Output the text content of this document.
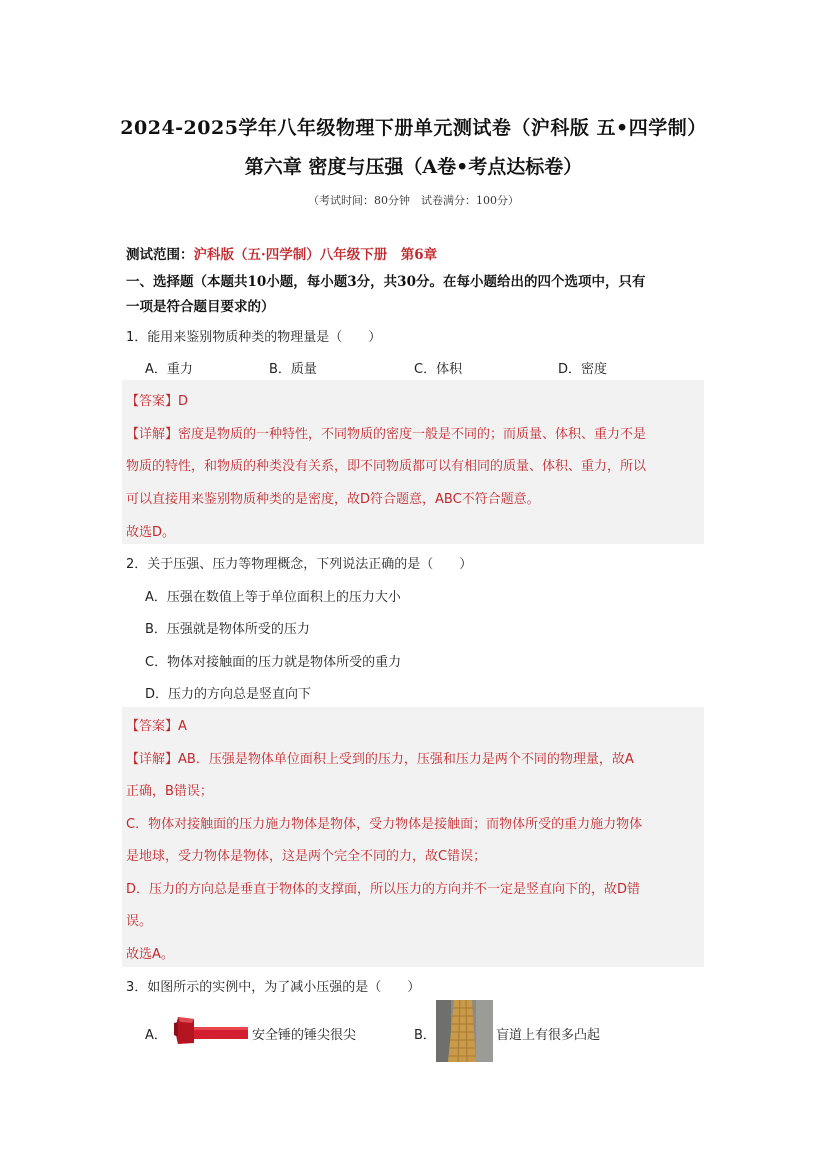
2024-2025学年八年级物理下册单元测试卷（沪科版 五•四学制）
第六章 密度与压强（A卷•考点达标卷）
（考试时间：80分钟　试卷满分：100分）
测试范围：沪科版（五·四学制）八年级下册　第6章
一、选择题（本题共10小题，每小题3分，共30分。在每小题给出的四个选项中，只有
一项是符合题目要求的）
1．能用来鉴别物质种类的物理量是（　　）
A．重力	B．质量	C．体积	D．密度
【答案】D
【详解】密度是物质的一种特性，不同物质的密度一般是不同的；而质量、体积、重力不是
物质的特性，和物质的种类没有关系，即不同物质都可以有相同的质量、体积、重力，所以
可以直接用来鉴别物质种类的是密度，故D符合题意，ABC不符合题意。
故选D。
2．关于压强、压力等物理概念，下列说法正确的是（　　）
A．压强在数值上等于单位面积上的压力大小
B．压强就是物体所受的压力
C．物体对接触面的压力就是物体所受的重力
D．压力的方向总是竖直向下
【答案】A
【详解】AB．压强是物体单位面积上受到的压力，压强和压力是两个不同的物理量，故A
正确，B错误；
C．物体对接触面的压力施力物体是物体，受力物体是接触面；而物体所受的重力施力物体
是地球，受力物体是物体，这是两个完全不同的力，故C错误；
D．压力的方向总是垂直于物体的支撑面，所以压力的方向并不一定是竖直向下的，故D错
误。
故选A。
3．如图所示的实例中，为了减小压强的是（　　）
A．	安全锤的锤尖很尖	B．	盲道上有很多凸起
